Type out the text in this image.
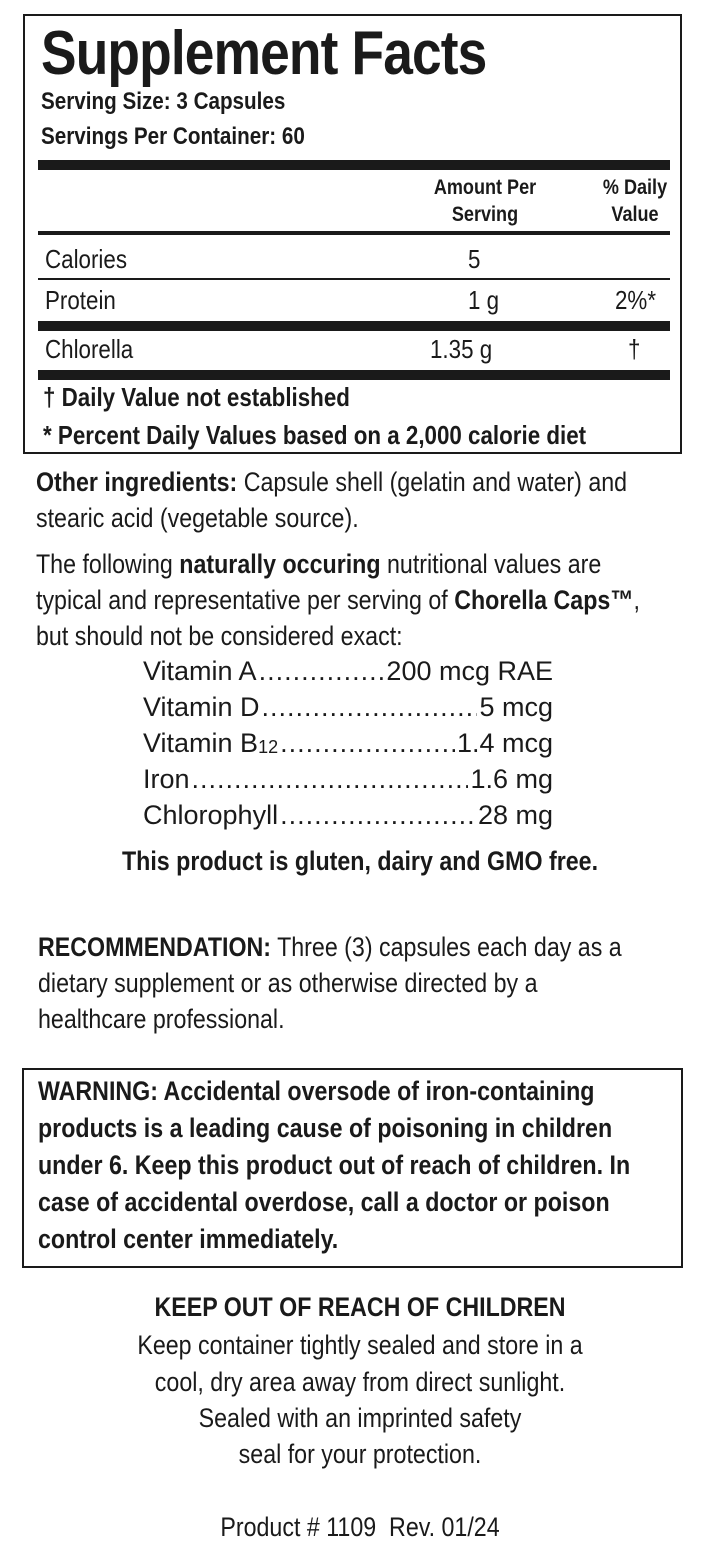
Supplement Facts
Serving Size: 3 Capsules
Servings Per Container: 60
Amount Per
Serving
% Daily
Value
Calories	5
Protein	1 g	2%*
Chlorella	1.35 g	†
† Daily Value not established
* Percent Daily Values based on a 2,000 calorie diet
Other ingredients: Capsule shell (gelatin and water) and
stearic acid (vegetable source).
The following naturally occuring nutritional values are
typical and representative per serving of Chorella Caps™,
but should not be considered exact:
Vitamin A .....	200 mcg RAE
Vitamin D .....	5 mcg
Vitamin $B_{12}$ .....	1.4 mcg
Iron .....	1.6 mg
Chlorophyll .....	28 mg
This product is gluten, dairy and GMO free.
RECOMMENDATION: Three (3) capsules each day as a
dietary supplement or as otherwise directed by a
healthcare professional.
WARNING: Accidental oversode of iron-containing
products is a leading cause of poisoning in children
under 6. Keep this product out of reach of children. In
case of accidental overdose, call a doctor or poison
control center immediately.
KEEP OUT OF REACH OF CHILDREN
Keep container tightly sealed and store in a
cool, dry area away from direct sunlight.
Sealed with an imprinted safety
seal for your protection.
Product # 1109  Rev. 01/24
